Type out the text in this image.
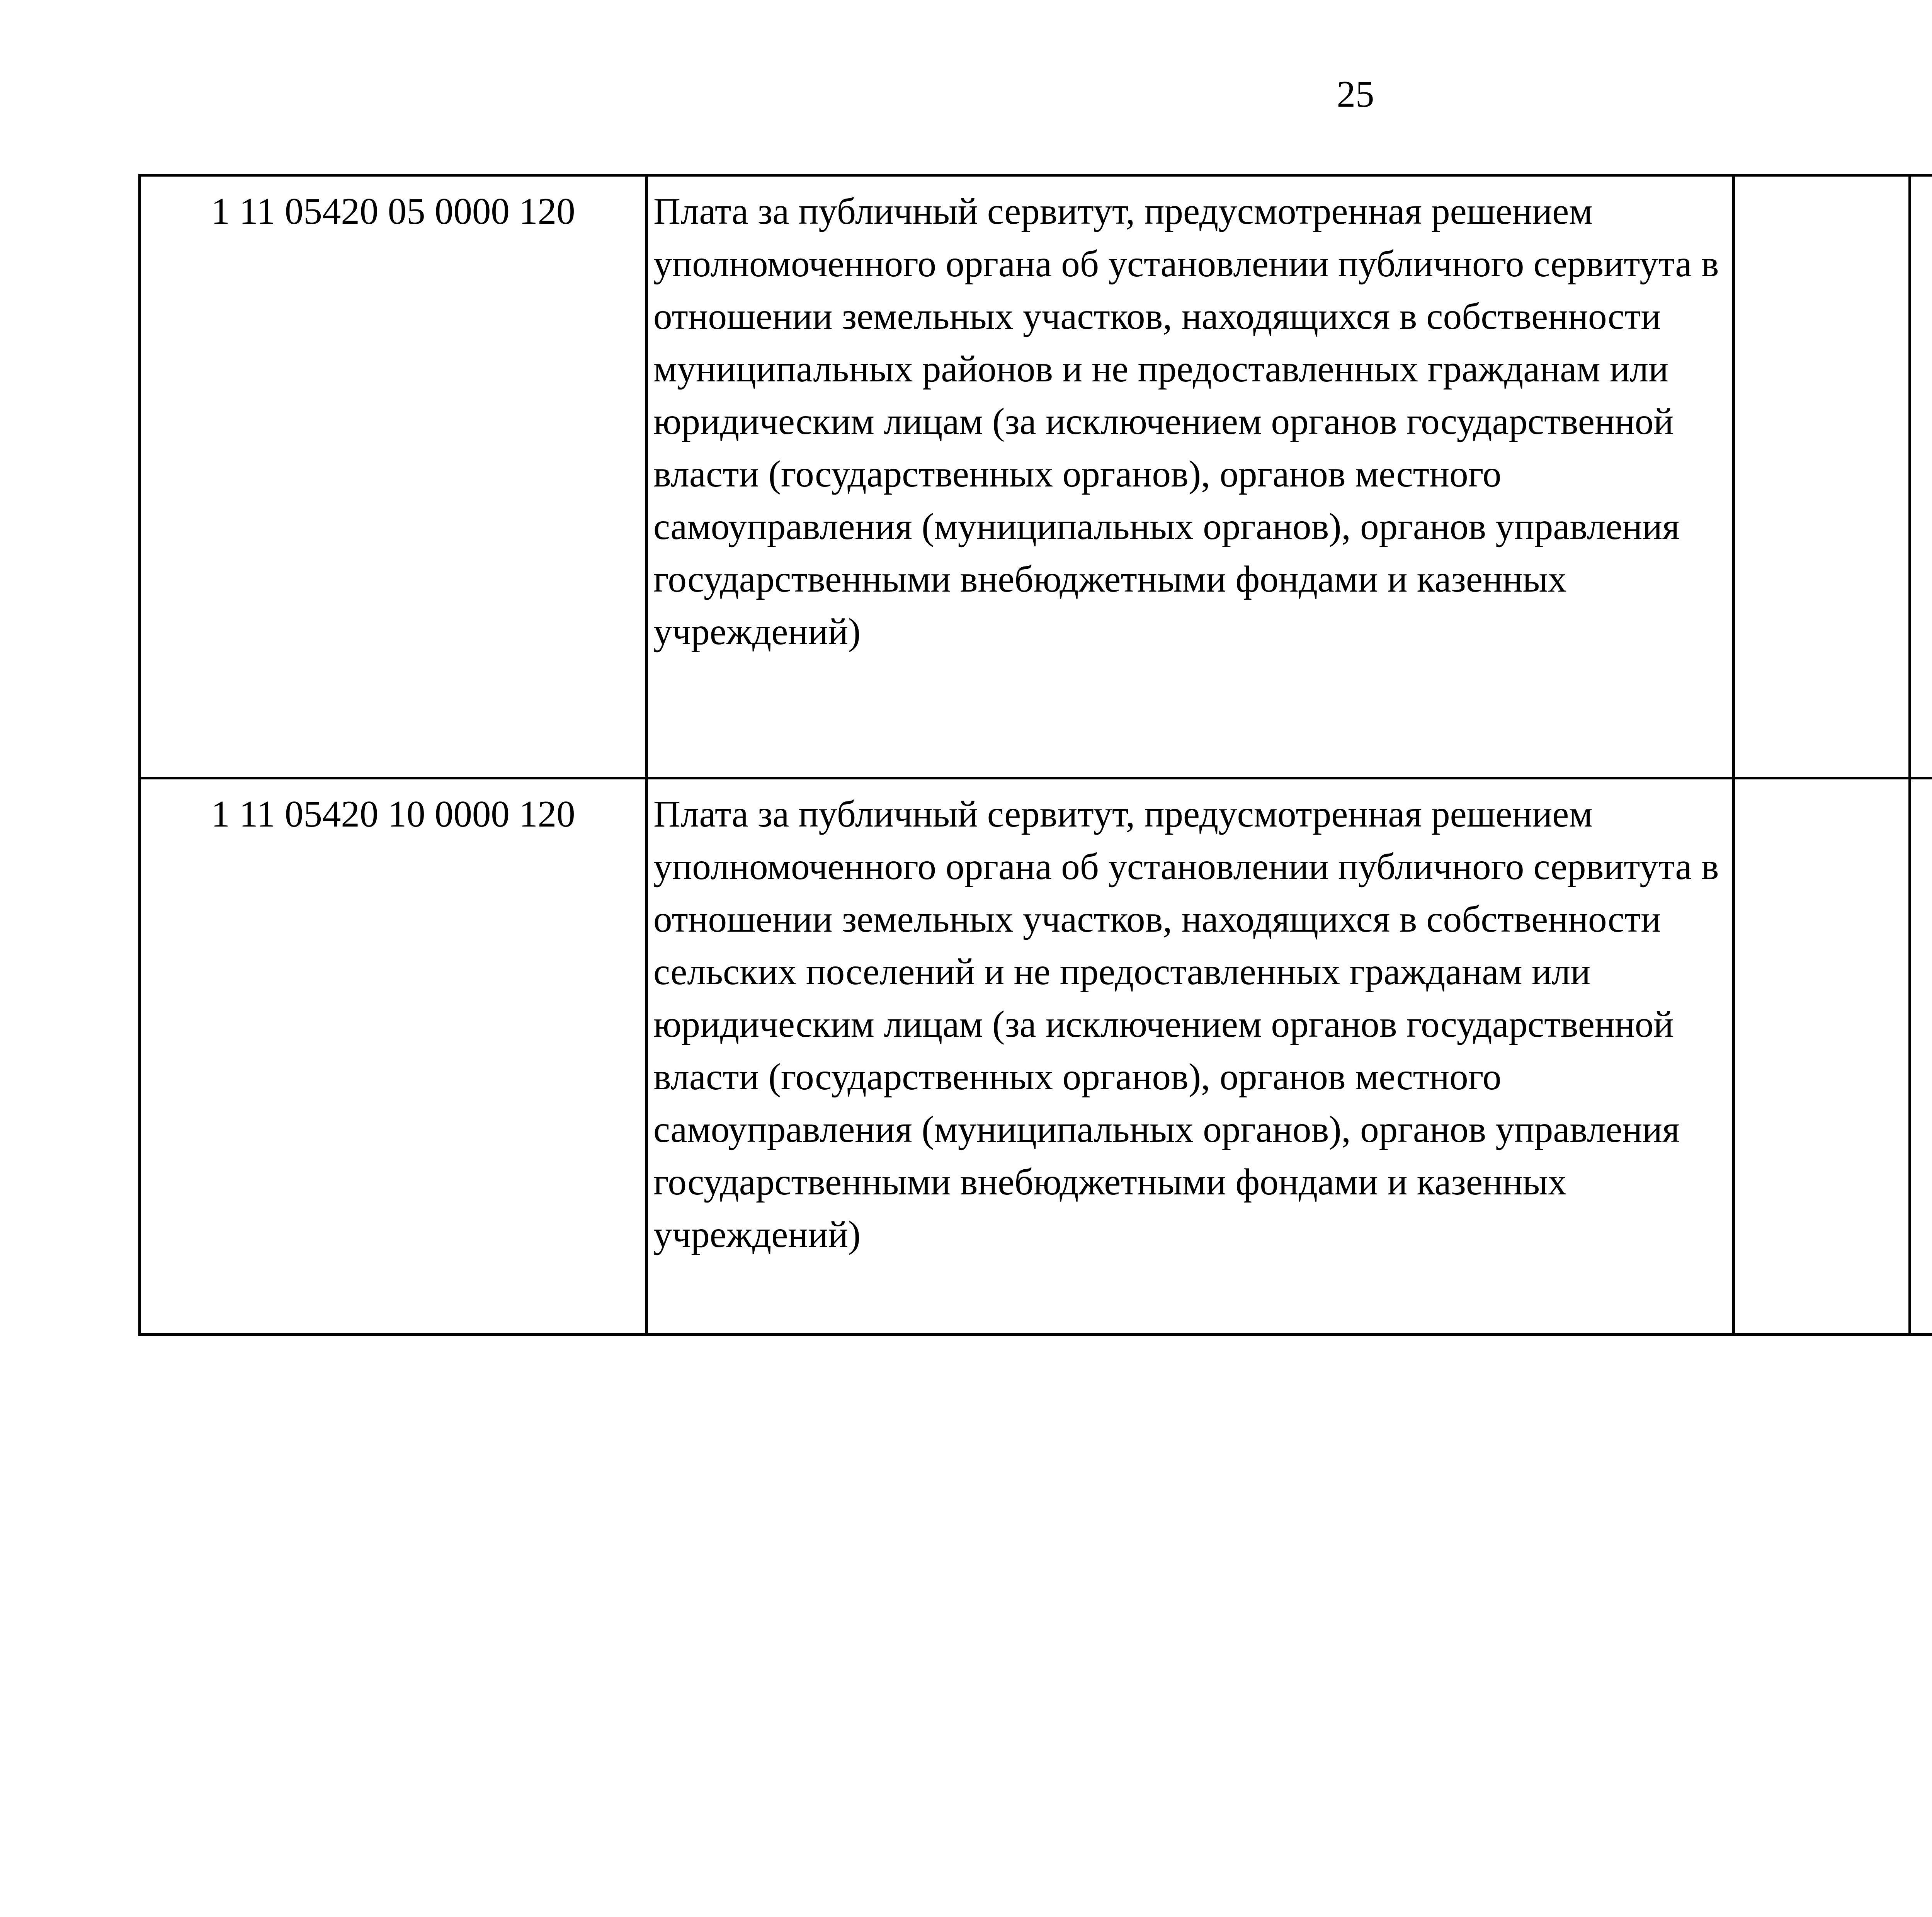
25
1 11 05420 05 0000 120	Плата за публичный сервитут, предусмотренная решением уполномоченного органа об установлении публичного сервитута в отношении земельных участков, находящихся в собственности муниципальных районов и не предоставленных гражданам или юридическим лицам (за исключением органов государственной власти (государственных органов), органов местного самоуправления (муниципальных органов), органов управления государственными внебюджетными фондами и казенных учреждений)					
1 11 05420 10 0000 120	Плата за публичный сервитут, предусмотренная решением уполномоченного органа об установлении публичного сервитута в отношении земельных участков, находящихся в собственности сельских поселений и не предоставленных гражданам или юридическим лицам (за исключением органов государственной власти (государственных органов), органов местного самоуправления (муниципальных органов), органов управления государственными внебюджетными фондами и казенных учреждений)					
